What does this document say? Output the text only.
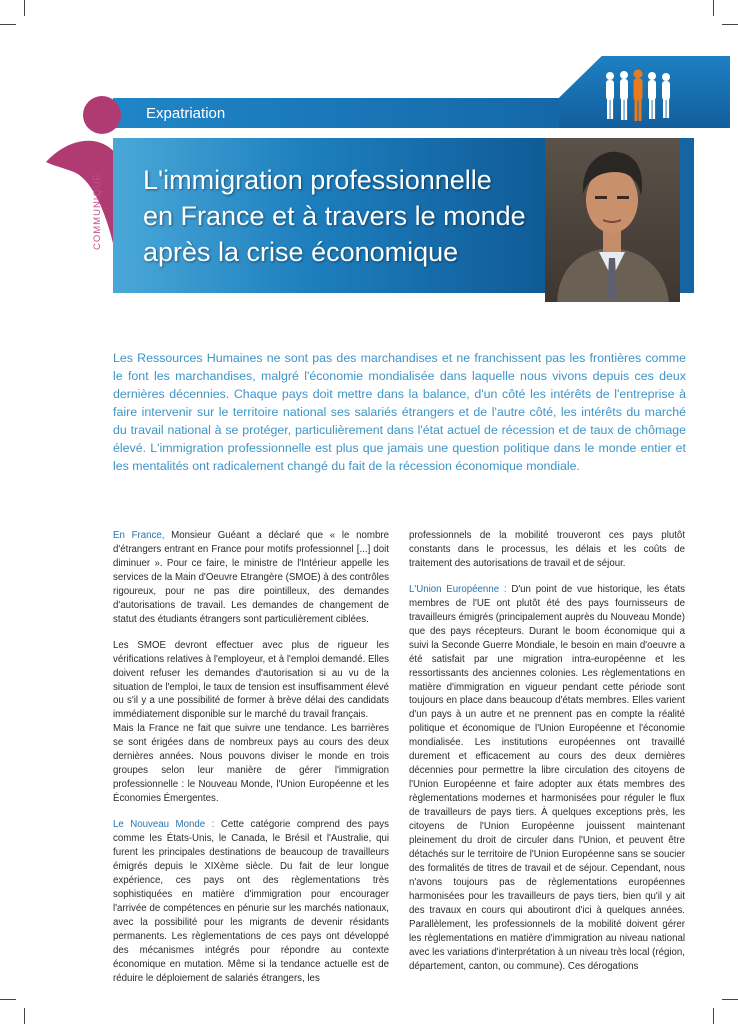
Expatriation
L'immigration professionnelle
en France et à travers le monde
après la crise économique
COMMUNIQUÉ
Les Ressources Humaines ne sont pas des marchandises et ne franchissent pas les frontières comme le font les marchandises, malgré l'économie mondialisée dans laquelle nous vivons depuis ces deux dernières décennies. Chaque pays doit mettre dans la balance, d'un côté les intérêts de l'entreprise à faire intervenir sur le territoire national ses salariés étrangers et de l'autre côté, les intérêts du marché du travail national à se protéger, particulièrement dans l'état actuel de récession et de taux de chômage élevé. L'immigration professionnelle est plus que jamais une question politique dans le monde entier et les mentalités ont radicalement changé du fait de la récession économique mondiale.

En France, Monsieur Guéant a déclaré que « le nombre d'étrangers entrant en France pour motifs professionnel [...] doit diminuer ». Pour ce faire, le ministre de l'Intérieur appelle les services de la Main d'Oeuvre Etrangère (SMOE) à des contrôles rigoureux, pour ne pas dire pointilleux, des demandes d'autorisations de travail. Les demandes de changement de statut des étudiants étrangers sont particulièrement ciblées.

Les SMOE devront effectuer avec plus de rigueur les vérifications relatives à l'employeur, et à l'emploi demandé. Elles doivent refuser les demandes d'autorisation si au vu de la situation de l'emploi, le taux de tension est insuffisamment élevé ou s'il y a une possibilité de former à brève délai des candidats immédiatement disponible sur le marché du travail français.

Mais la France ne fait que suivre une tendance. Les barrières se sont érigées dans de nombreux pays au cours des deux dernières années. Nous pouvons diviser le monde en trois groupes selon leur manière de gérer l'immigration professionnelle : le Nouveau Monde, l'Union Européenne et les Économies Émergentes.

Le Nouveau Monde : Cette catégorie comprend des pays comme les États-Unis, le Canada, le Brésil et l'Australie, qui furent les principales destinations de beaucoup de travailleurs émigrés depuis le XIXème siècle. Du fait de leur longue expérience, ces pays ont des règlementations très sophistiquées en matière d'immigration pour encourager l'arrivée de compétences en pénurie sur les marchés nationaux, avec la possibilité pour les migrants de devenir résidants permanents. Les règlementations de ces pays ont développé des mécanismes intégrés pour répondre au contexte économique en mutation. Même si la tendance actuelle est de réduire le déploiement de salariés étrangers, les

professionnels de la mobilité trouveront ces pays plutôt constants dans le processus, les délais et les coûts de traitement des autorisations de travail et de séjour.

L'Union Européenne : D'un point de vue historique, les états membres de l'UE ont plutôt été des pays fournisseurs de travailleurs émigrés (principalement auprès du Nouveau Monde) que des pays récepteurs. Durant le boom économique qui a suivi la Seconde Guerre Mondiale, le besoin en main d'oeuvre a été satisfait par une migration intra-européenne et les ressortissants des anciennes colonies. Les règlementations en matière d'immigration en vigueur pendant cette période sont toujours en place dans beaucoup d'états membres. Elles varient d'un pays à un autre et ne prennent pas en compte la réalité politique et économique de l'Union Européenne et l'économie mondialisée. Les institutions européennes ont travaillé durement et efficacement au cours des deux dernières décennies pour permettre la libre circulation des citoyens de l'Union Européenne et faire adopter aux états membres des règlementations modernes et harmonisées pour réguler le flux de travailleurs de pays tiers. À quelques exceptions près, les citoyens de l'Union Européenne jouissent maintenant pleinement du droit de circuler dans l'Union, et peuvent être détachés sur le territoire de l'Union Européenne sans se soucier des formalités de titres de travail et de séjour. Cependant, nous n'avons toujours pas de règlementations européennes harmonisées pour les travailleurs de pays tiers, bien qu'il y ait des travaux en cours qui aboutiront d'ici à quelques années. Parallèlement, les professionnels de la mobilité doivent gérer les règlementations en matière d'immigration au niveau national avec les variations d'interprétation à un niveau très local (région, département, canton, ou commune). Ces dérogations
